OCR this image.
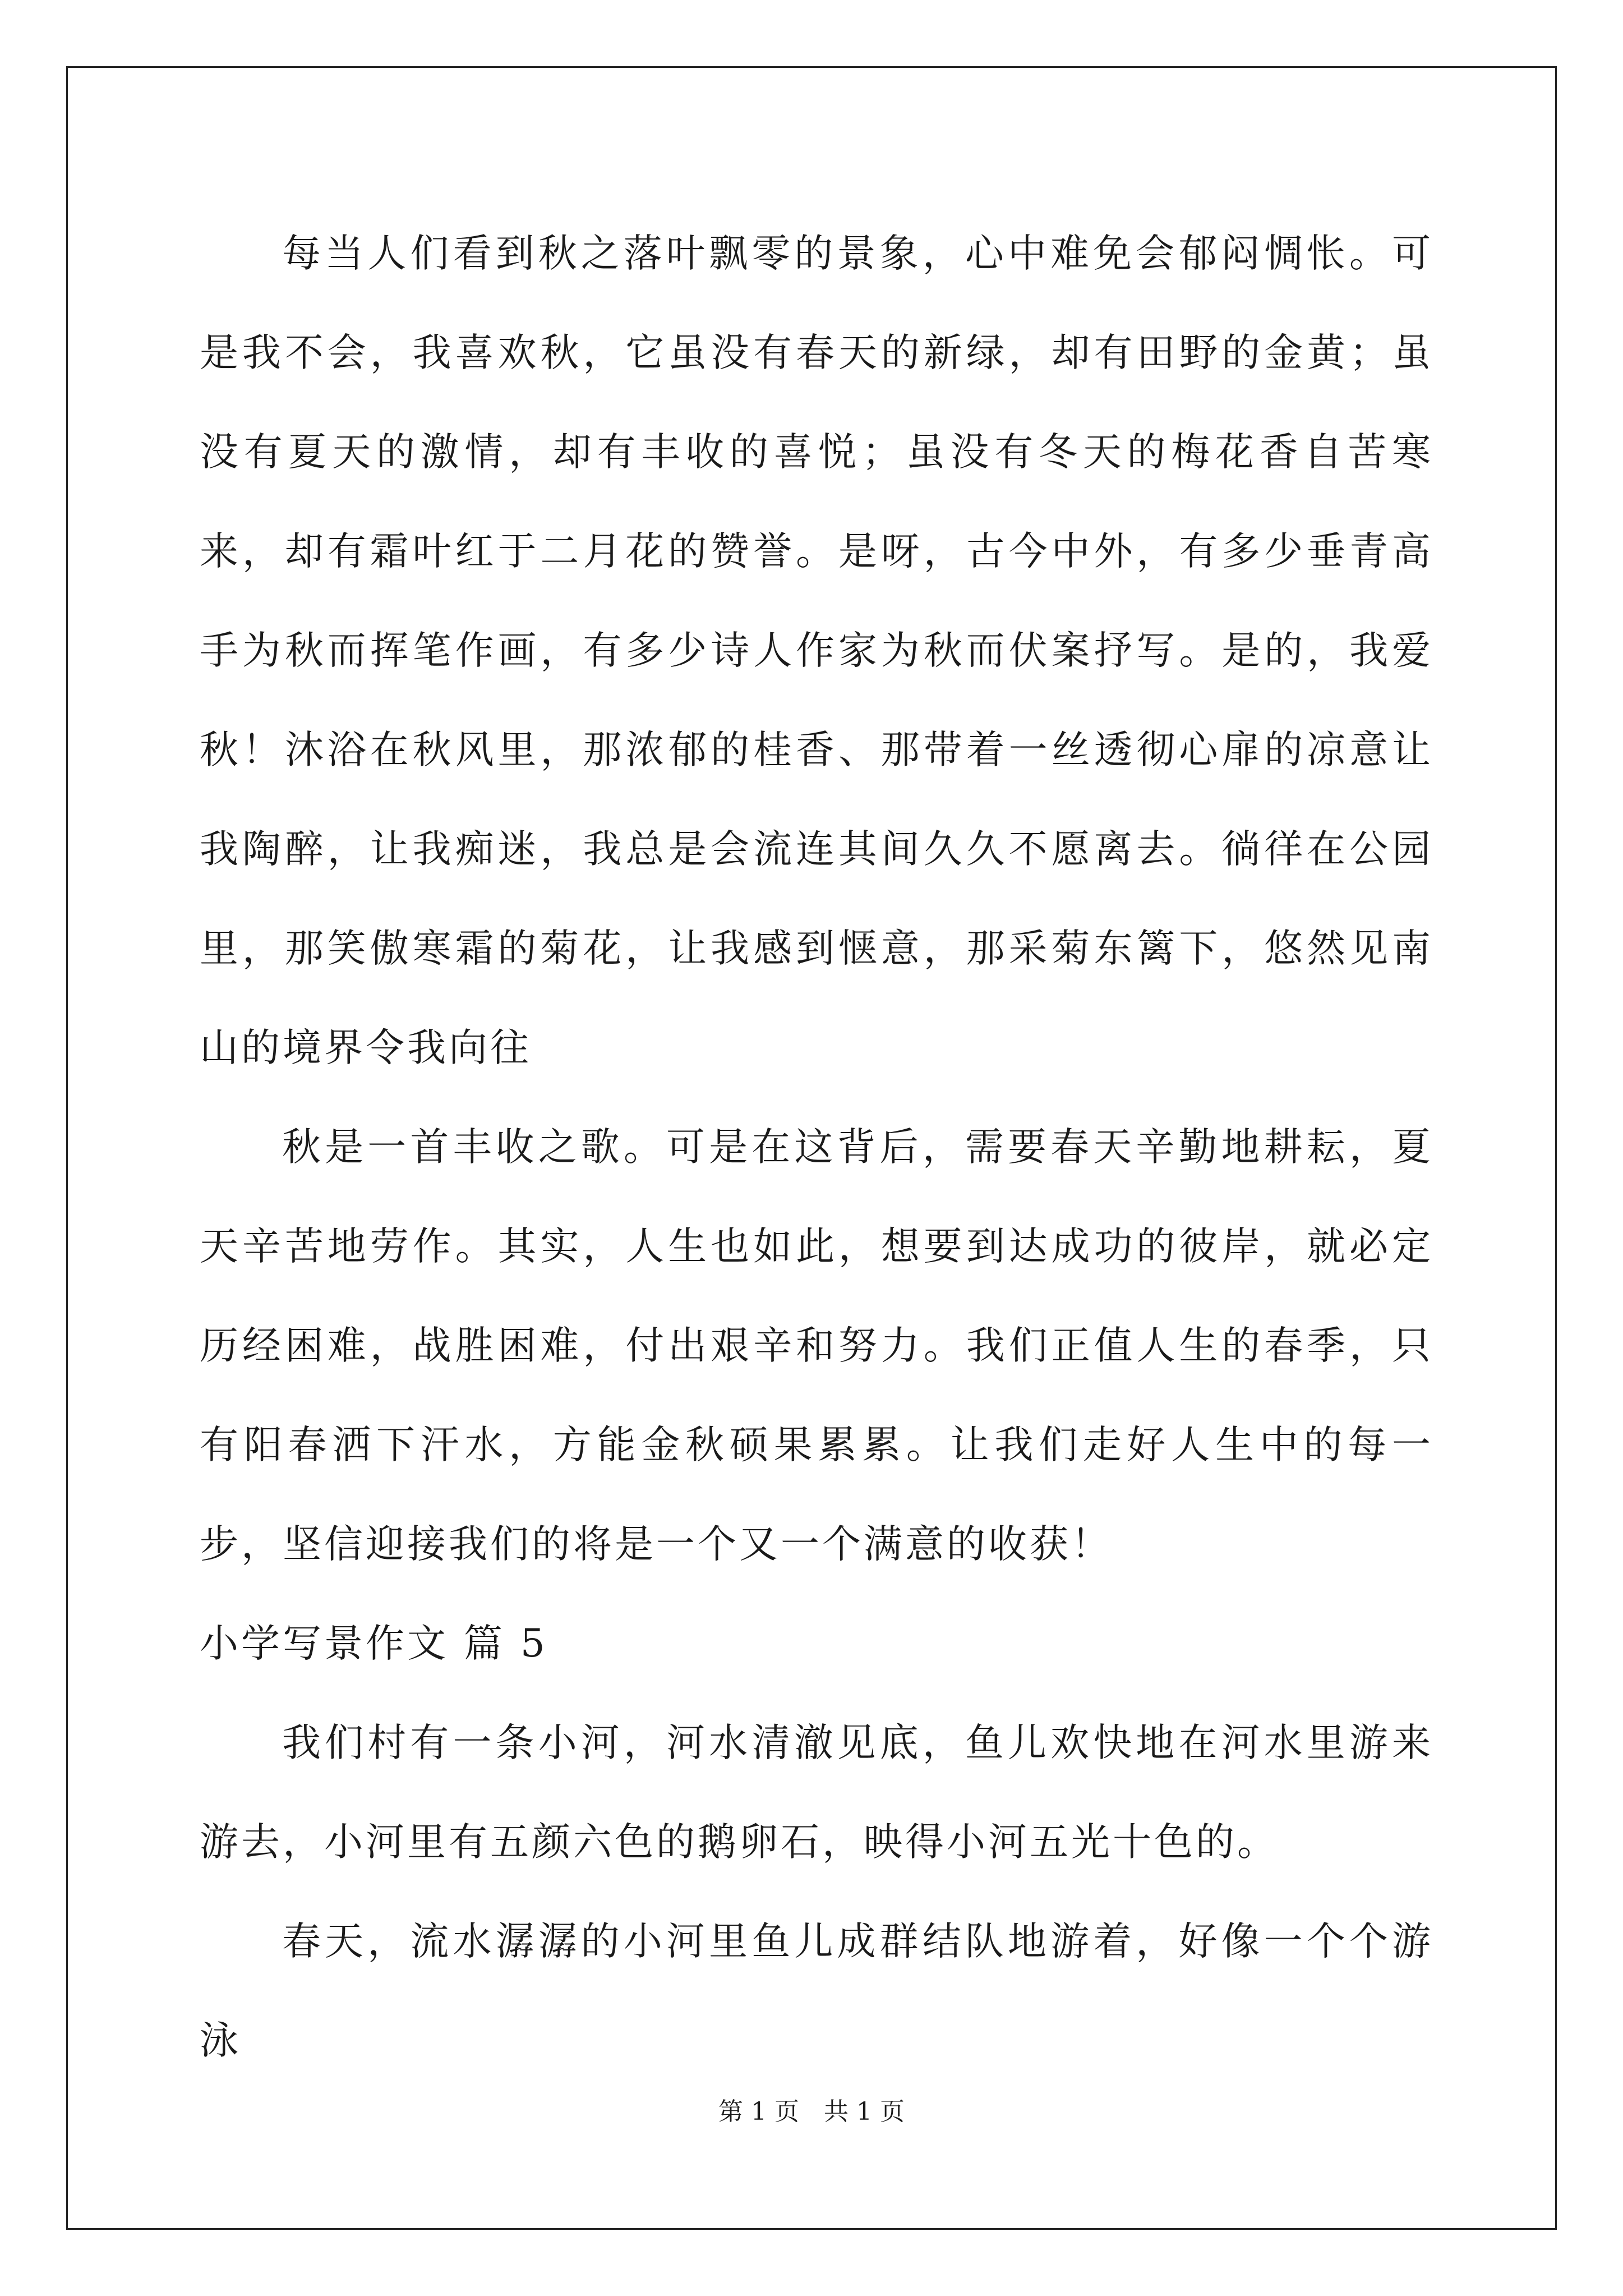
每当人们看到秋之落叶飘零的景象，心中难免会郁闷惆怅。可是我不会，我喜欢秋，它虽没有春天的新绿，却有田野的金黄；虽没有夏天的激情，却有丰收的喜悦；虽没有冬天的梅花香自苦寒来，却有霜叶红于二月花的赞誉。是呀，古今中外，有多少垂青高手为秋而挥笔作画，有多少诗人作家为秋而伏案抒写。是的，我爱秋！沐浴在秋风里，那浓郁的桂香、那带着一丝透彻心扉的凉意让我陶醉，让我痴迷，我总是会流连其间久久不愿离去。徜徉在公园里，那笑傲寒霜的菊花，让我感到惬意，那采菊东篱下，悠然见南山的境界令我向往

秋是一首丰收之歌。可是在这背后，需要春天辛勤地耕耘，夏天辛苦地劳作。其实，人生也如此，想要到达成功的彼岸，就必定历经困难，战胜困难，付出艰辛和努力。我们正值人生的春季，只有阳春洒下汗水，方能金秋硕果累累。让我们走好人生中的每一步，坚信迎接我们的将是一个又一个满意的收获！

小学写景作文 篇 5

我们村有一条小河，河水清澈见底，鱼儿欢快地在河水里游来游去，小河里有五颜六色的鹅卵石，映得小河五光十色的。

春天，流水潺潺的小河里鱼儿成群结队地游着，好像一个个游泳

第 1 页　共 1 页
